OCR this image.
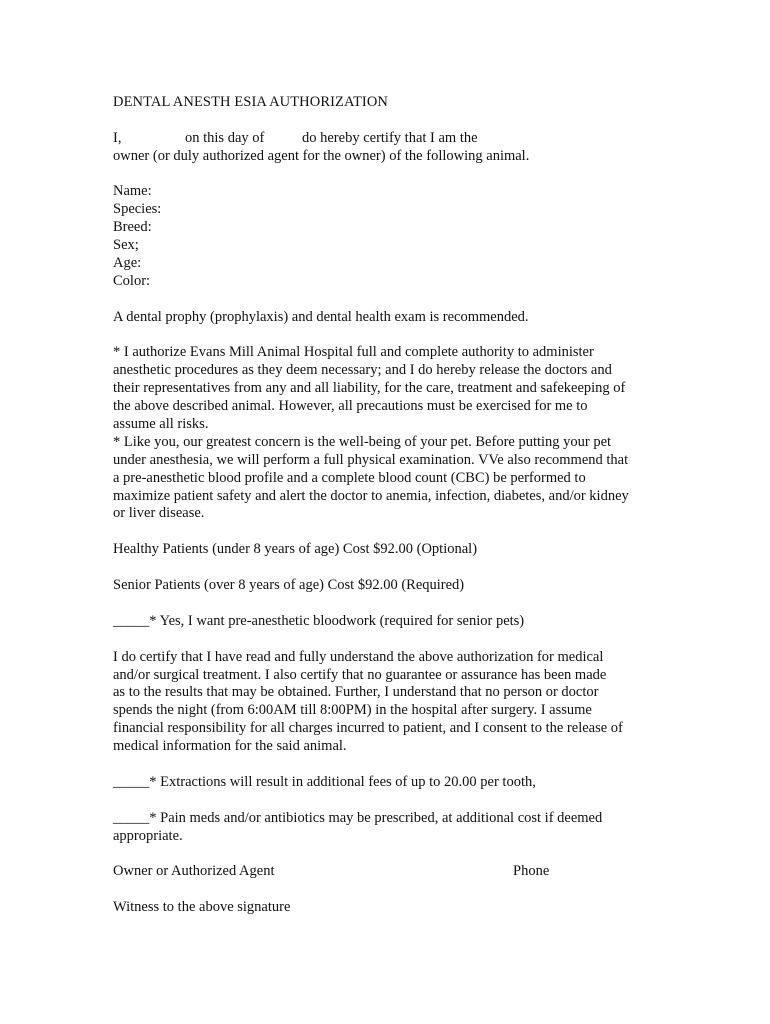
DENTAL ANESTH ESIA AUTHORIZATION
I,	on this day of	do hereby certify that I am the
owner (or duly authorized agent for the owner) of the following animal.
Name:
Species:
Breed:
Sex;
Age:
Color:
A dental prophy (prophylaxis) and dental health exam is recommended.
* I authorize Evans Mill Animal Hospital full and complete authority to administer
anesthetic procedures as they deem necessary; and I do hereby release the doctors and
their representatives from any and all liability, for the care, treatment and safekeeping of
the above described animal. However, all precautions must be exercised for me to
assume all risks.
* Like you, our greatest concern is the well-being of your pet. Before putting your pet
under anesthesia, we will perform a full physical examination. VVe also recommend that
a pre-anesthetic blood profile and a complete blood count (CBC) be performed to
maximize patient safety and alert the doctor to anemia, infection, diabetes, and/or kidney
or liver disease.
Healthy Patients (under 8 years of age) Cost $92.00 (Optional)
Senior Patients (over 8 years of age) Cost $92.00 (Required)
_____* Yes, I want pre-anesthetic bloodwork (required for senior pets)
I do certify that I have read and fully understand the above authorization for medical
and/or surgical treatment. I also certify that no guarantee or assurance has been made
as to the results that may be obtained. Further, I understand that no person or doctor
spends the night (from 6:00AM till 8:00PM) in the hospital after surgery. I assume
financial responsibility for all charges incurred to patient, and I consent to the release of
medical information for the said animal.
_____* Extractions will result in additional fees of up to 20.00 per tooth,
_____* Pain meds and/or antibiotics may be prescribed, at additional cost if deemed
appropriate.
Owner or Authorized Agent	Phone
Witness to the above signature
